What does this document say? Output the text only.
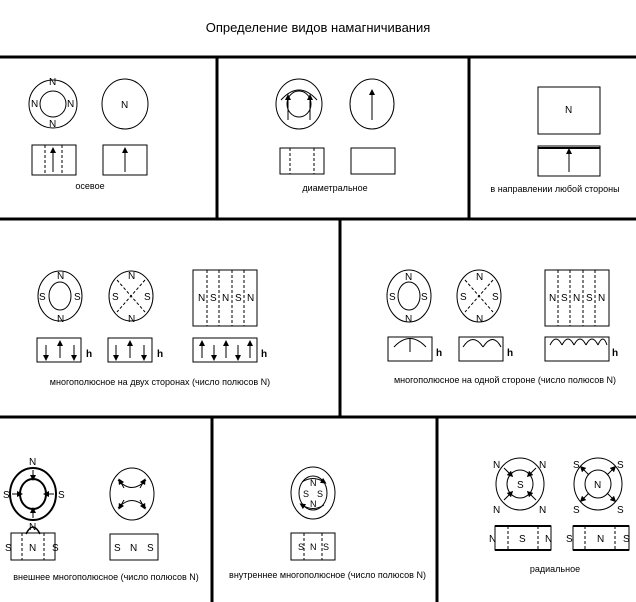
Определение видов намагничивания
N
N	N
N
N	N
N
S	S
N
N
S	S
N
N S N S N
h	h	h
N
S	S
N
N
S	S
N
N S N S N
h	h	h
N
S	S
N
S N S	S N S
N
S S
N
S N S
N	N
S
N	N
S	S
N
S	S
N S N S N S
осевое	диаметральное	в направлении любой стороны
многополюсное на двух сторонах (число полюсов N)	многополюсное на одной стороне (число полюсов N)
внешнее многополюсное (число полюсов N)	внутреннее многополюсное (число полюсов N)
радиальное
